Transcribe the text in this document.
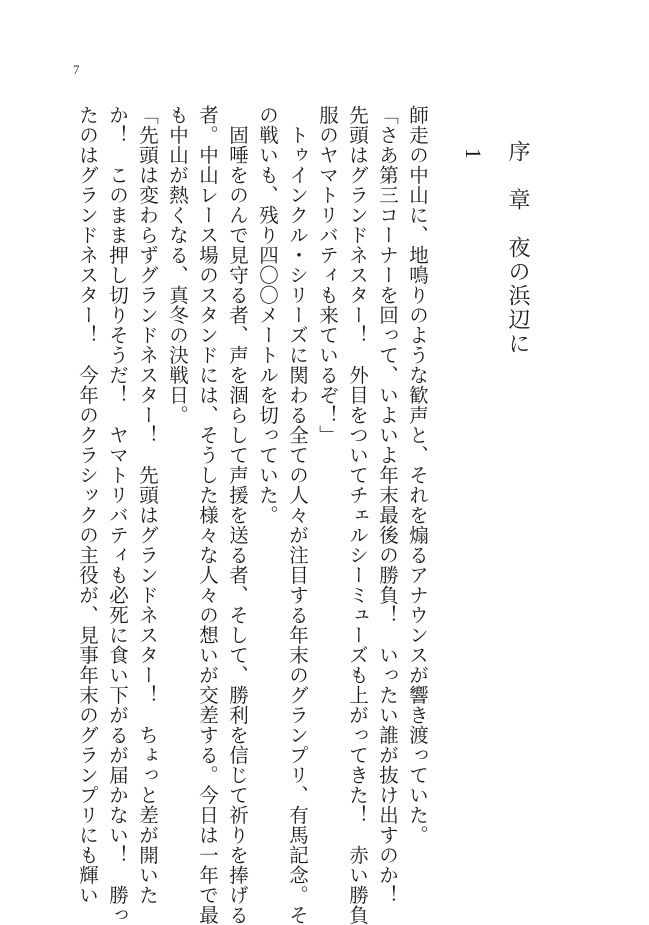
7
序　章夜の浜辺に
1
師走の中山に、地鳴りのような歓声と、それを煽るアナウンスが響き渡っていた。
「さあ第三コーナーを回って、いよいよ年末最後の勝負！　いったい誰が抜け出すのか！
先頭はグランドネスター！　外目をついてチェルシーミューズも上がってきた！　赤い勝負
服のヤマトリバティも来ているぞ！」
トゥインクル・シリーズに関わる全ての人々が注目する年末のグランプリ、有馬記念。そ
の戦いも、残り四〇〇メートルを切っていた。
固唾をのんで見守る者、声を涸らして声援を送る者、そして、勝利を信じて祈りを捧げる
者。中山レース場のスタンドには、そうした様々な人々の想いが交差する。今日は一年で最
も中山が熱くなる、真冬の決戦日。
「先頭は変わらずグランドネスター！　先頭はグランドネスター！　ちょっと差が開いた
か！　このまま押し切りそうだ！　ヤマトリバティも必死に食い下がるが届かない！　勝っ
たのはグランドネスター！　今年のクラシックの主役が、見事年末のグランプリにも輝い
